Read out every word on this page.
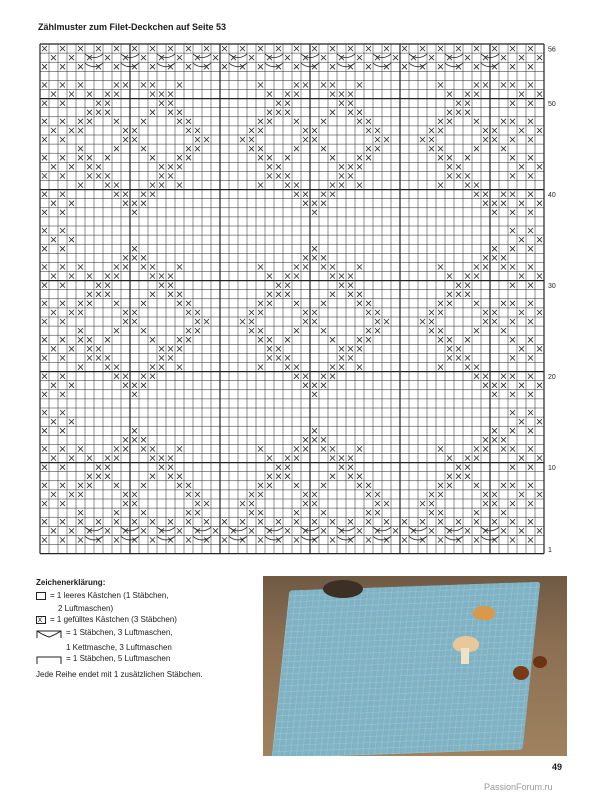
Zählmuster zum Filet-Deckchen auf Seite 53
56
50
40
30
20
10
1
Zeichenerklärung:
= 1 leeres Kästchen (1 Stäbchen,
2 Luftmaschen)
x
= 1 gefülltes Kästchen (3 Stäbchen)
= 1 Stäbchen, 3 Luftmaschen,
1 Kettmasche, 3 Luftmaschen
= 1 Stäbchen, 5 Luftmaschen
Jede Reihe endet mit 1 zusätzlichen Stäbchen.
49
PassionForum.ru
